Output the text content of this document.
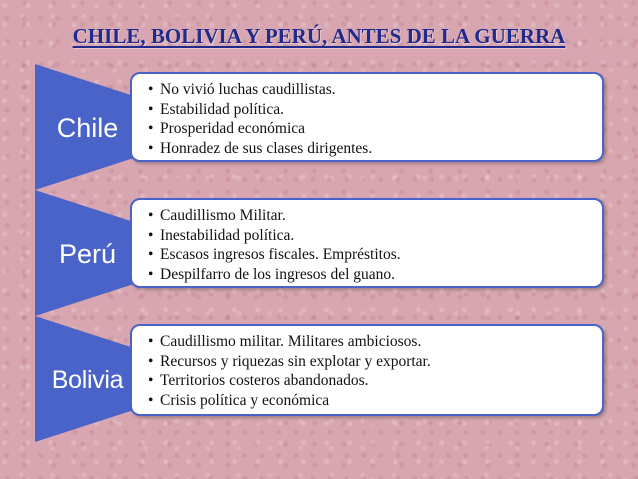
CHILE, BOLIVIA Y PERÚ, ANTES DE LA GUERRA
Chile
• No vivió luchas caudillistas.
• Estabilidad política.
• Prosperidad económica
• Honradez de sus clases dirigentes.
Perú
• Caudillismo Militar.
• Inestabilidad política.
• Escasos ingresos fiscales. Empréstitos.
• Despilfarro de los ingresos del guano.
Bolivia
• Caudillismo militar. Militares ambiciosos.
• Recursos y riquezas sin explotar y exportar.
• Territorios costeros abandonados.
• Crisis política y económica
